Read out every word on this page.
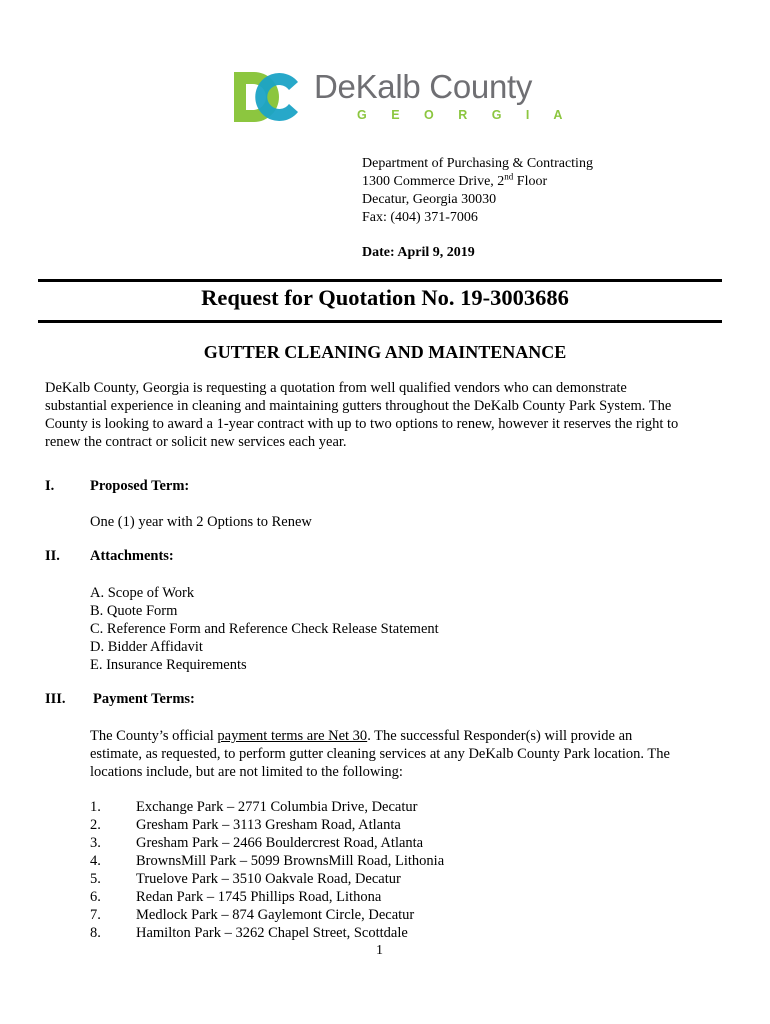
DeKalb County
G E O R G I A
Department of Purchasing & Contracting
1300 Commerce Drive, 2nd Floor
Decatur, Georgia 30030
Fax: (404) 371-7006
Date: April 9, 2019
Request for Quotation No. 19-3003686
GUTTER CLEANING AND MAINTENANCE
DeKalb County, Georgia is requesting a quotation from well qualified vendors who can demonstrate
substantial experience in cleaning and maintaining gutters throughout the DeKalb County Park System. The
County is looking to award a 1-year contract with up to two options to renew, however it reserves the right to
renew the contract or solicit new services each year.
I. Proposed Term:
One (1) year with 2 Options to Renew
II. Attachments:
A. Scope of Work
B. Quote Form
C. Reference Form and Reference Check Release Statement
D. Bidder Affidavit
E. Insurance Requirements
III. Payment Terms:
The County’s official payment terms are Net 30. The successful Responder(s) will provide an
estimate, as requested, to perform gutter cleaning services at any DeKalb County Park location. The
locations include, but are not limited to the following:
1. Exchange Park – 2771 Columbia Drive, Decatur
2. Gresham Park – 3113 Gresham Road, Atlanta
3. Gresham Park – 2466 Bouldercrest Road, Atlanta
4. BrownsMill Park – 5099 BrownsMill Road, Lithonia
5. Truelove Park – 3510 Oakvale Road, Decatur
6. Redan Park – 1745 Phillips Road, Lithona
7. Medlock Park – 874 Gaylemont Circle, Decatur
8. Hamilton Park – 3262 Chapel Street, Scottdale
1
